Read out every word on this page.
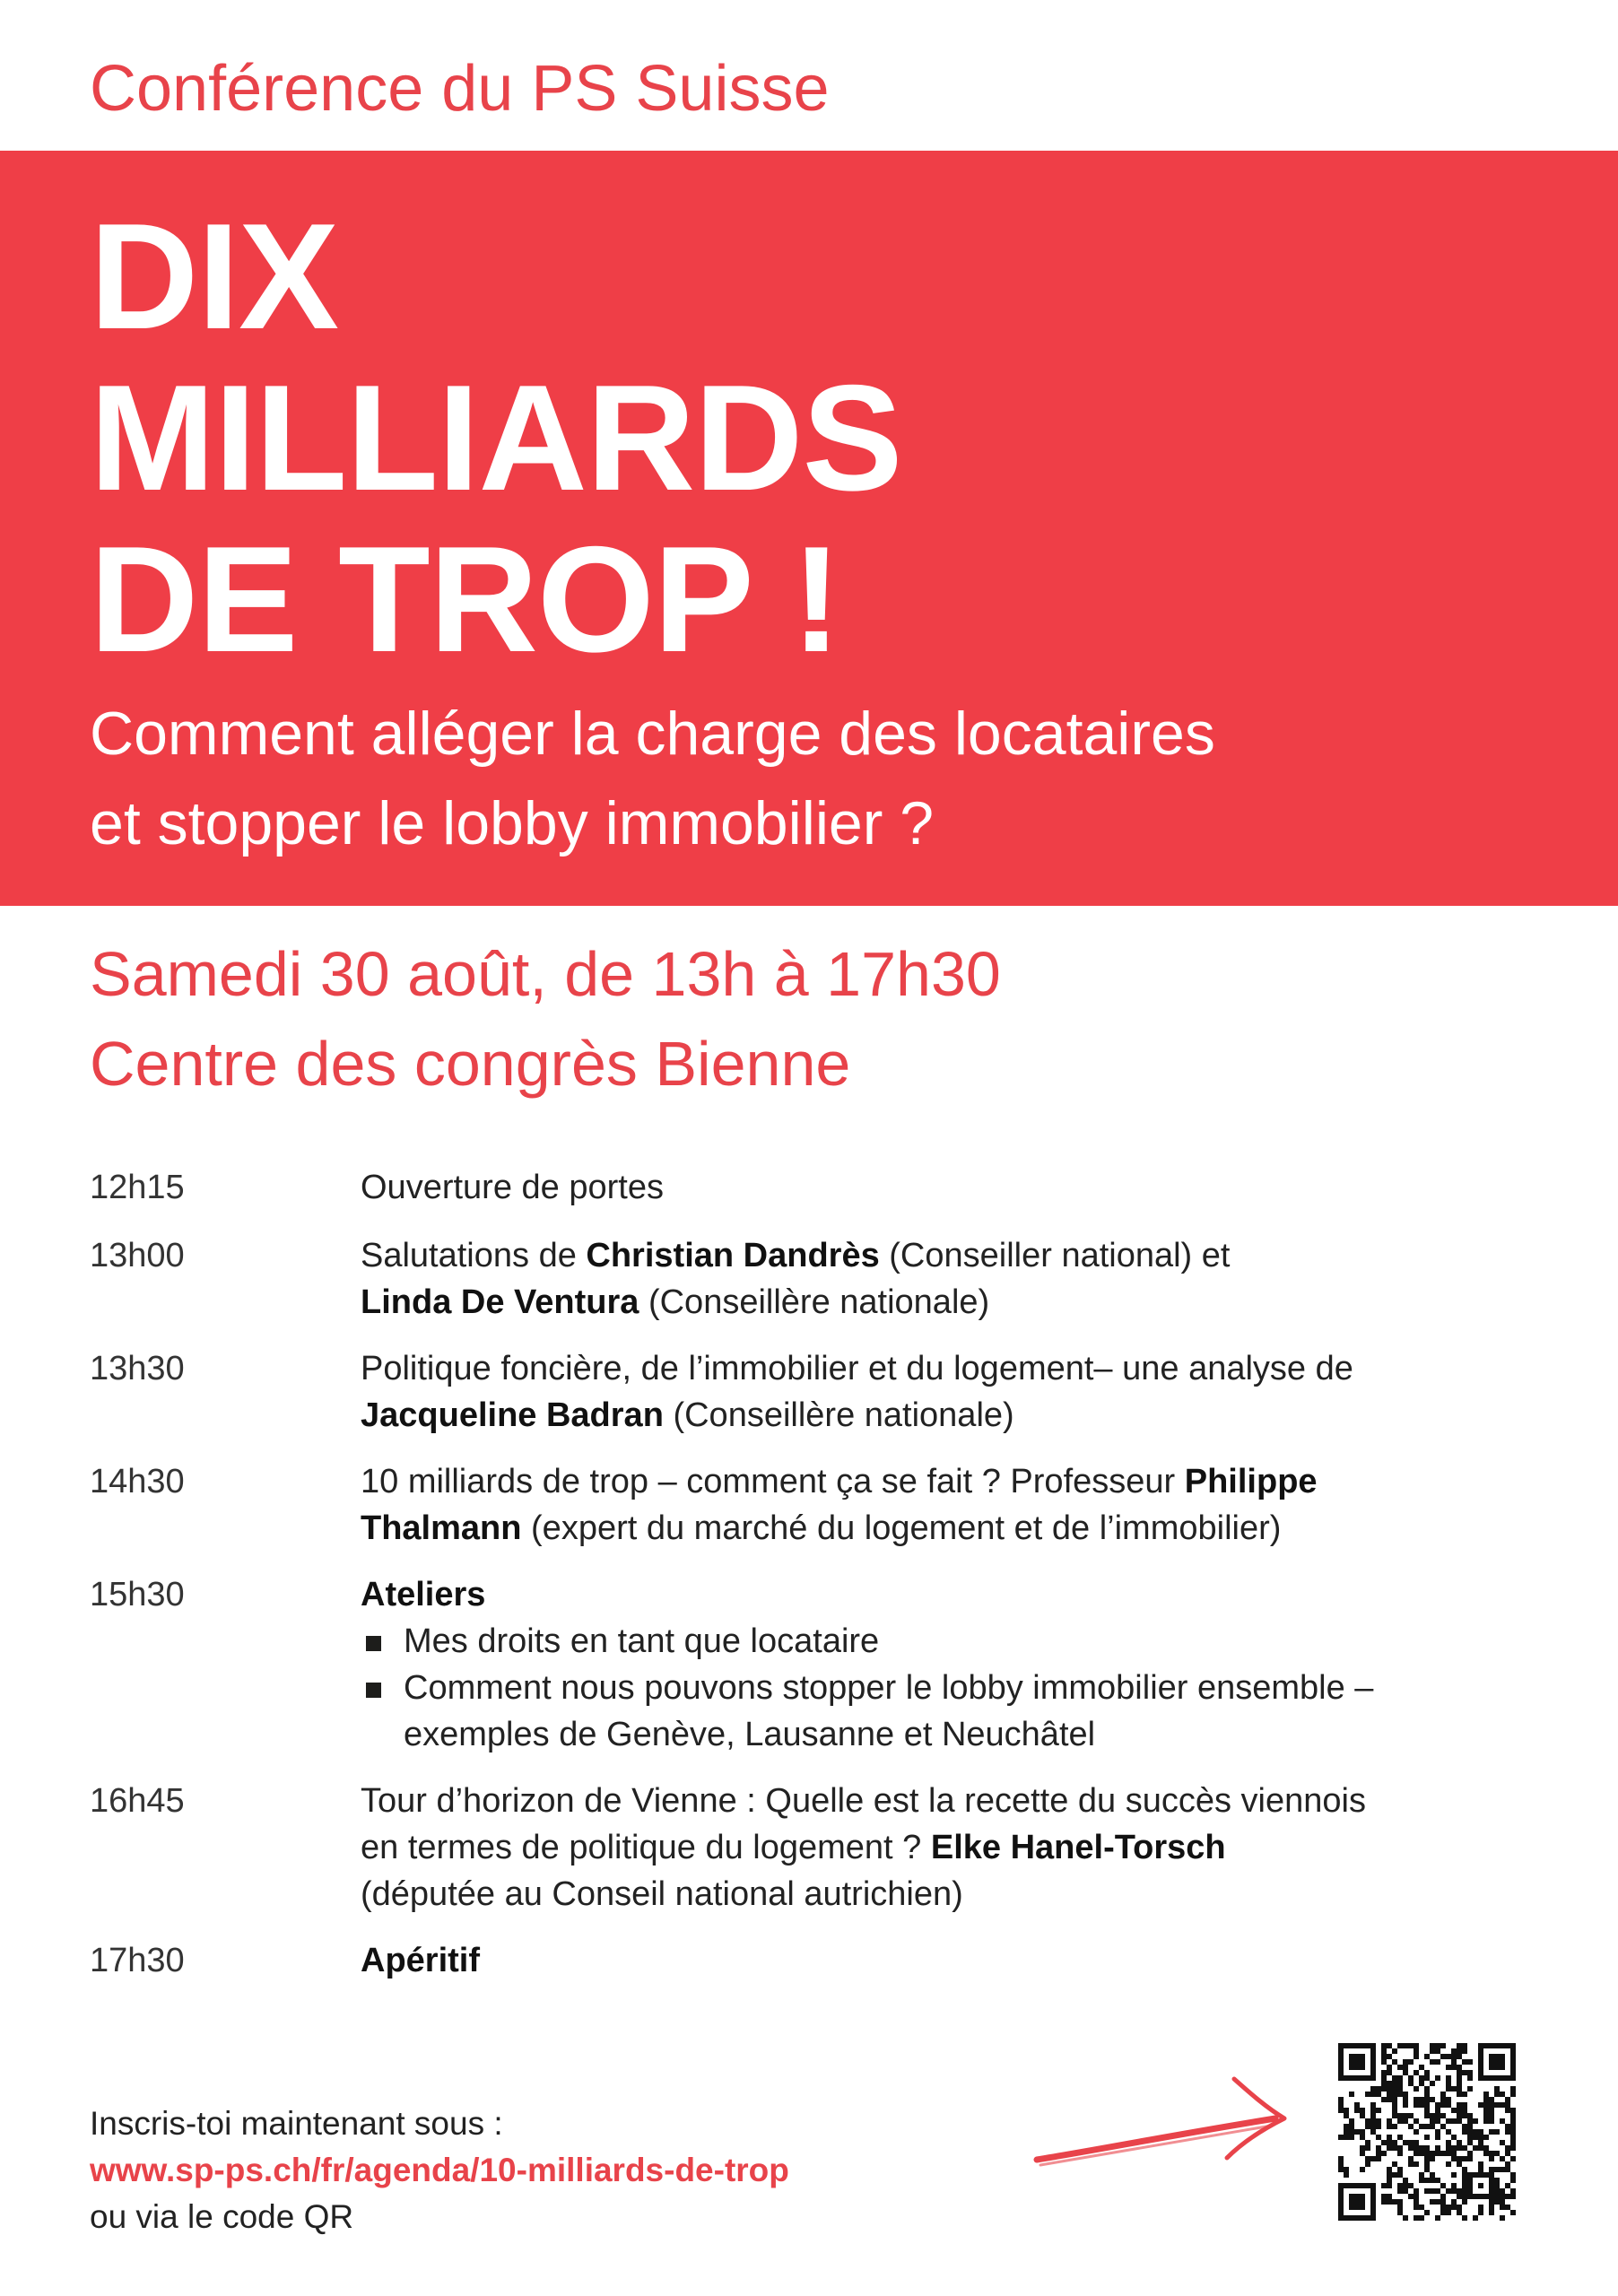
Conférence du PS Suisse
DIX
MILLIARDS
DE TROP !

Comment alléger la charge des locataires
et stopper le lobby immobilier ?

Samedi 30 août, de 13h à 17h30
Centre des congrès Bienne
12h15	Ouverture de portes
13h00	Salutations de Christian Dandrès (Conseiller national) et
Linda De Ventura (Conseillère nationale)
13h30	Politique foncière, de l’immobilier et du logement– une analyse de
Jacqueline Badran (Conseillère nationale)
14h30	10 milliards de trop – comment ça se fait ? Professeur Philippe
Thalmann (expert du marché du logement et de l’immobilier)
15h30	Ateliers
Mes droits en tant que locataire
Comment nous pouvons stopper le lobby immobilier ensemble –
exemples de Genève, Lausanne et Neuchâtel
16h45	Tour d’horizon de Vienne : Quelle est la recette du succès viennois
en termes de politique du logement ? Elke Hanel-Torsch
(députée au Conseil national autrichien)
17h30	Apéritif
Inscris-toi maintenant sous :
www.sp-ps.ch/fr/agenda/10-milliards-de-trop
ou via le code QR
